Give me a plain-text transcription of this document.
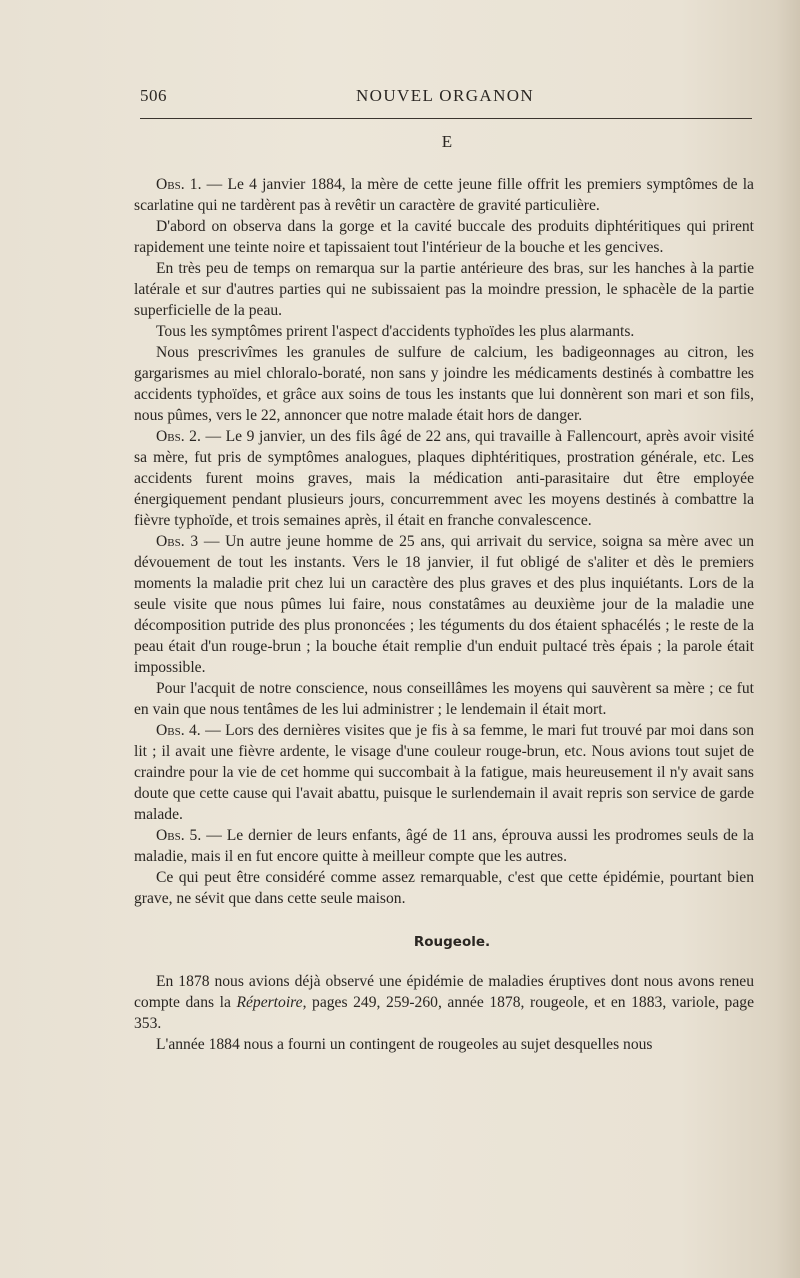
506	NOUVEL ORGANON
E

Obs. 1. — Le 4 janvier 1884, la mère de cette jeune fille offrit les premiers symptômes de la scarlatine qui ne tardèrent pas à revêtir un caractère de gravité particulière.

D'abord on observa dans la gorge et la cavité buccale des produits diphtéritiques qui prirent rapidement une teinte noire et tapissaient tout l'intérieur de la bouche et les gencives.

En très peu de temps on remarqua sur la partie antérieure des bras, sur les hanches à la partie latérale et sur d'autres parties qui ne subissaient pas la moindre pression, le sphacèle de la partie superficielle de la peau.

Tous les symptômes prirent l'aspect d'accidents typhoïdes les plus alarmants.

Nous prescrivîmes les granules de sulfure de calcium, les badigeonnages au citron, les gargarismes au miel chloralo-boraté, non sans y joindre les médicaments destinés à combattre les accidents typhoïdes, et grâce aux soins de tous les instants que lui donnèrent son mari et son fils, nous pûmes, vers le 22, annoncer que notre malade était hors de danger.

Obs. 2. — Le 9 janvier, un des fils âgé de 22 ans, qui travaille à Fallencourt, après avoir visité sa mère, fut pris de symptômes analogues, plaques diphtéritiques, prostration générale, etc. Les accidents furent moins graves, mais la médication anti-parasitaire dut être employée énergiquement pendant plusieurs jours, concurremment avec les moyens destinés à combattre la fièvre typhoïde, et trois semaines après, il était en franche convalescence.

Obs. 3 — Un autre jeune homme de 25 ans, qui arrivait du service, soigna sa mère avec un dévouement de tout les instants. Vers le 18 janvier, il fut obligé de s'aliter et dès le premiers moments la maladie prit chez lui un caractère des plus graves et des plus inquiétants. Lors de la seule visite que nous pûmes lui faire, nous constatâmes au deuxième jour de la maladie une décomposition putride des plus prononcées ; les téguments du dos étaient sphacélés ; le reste de la peau était d'un rouge-brun ; la bouche était remplie d'un enduit pultacé très épais ; la parole était impossible.

Pour l'acquit de notre conscience, nous conseillâmes les moyens qui sauvèrent sa mère ; ce fut en vain que nous tentâmes de les lui administrer ; le lendemain il était mort.

Obs. 4. — Lors des dernières visites que je fis à sa femme, le mari fut trouvé par moi dans son lit ; il avait une fièvre ardente, le visage d'une couleur rouge-brun, etc. Nous avions tout sujet de craindre pour la vie de cet homme qui succombait à la fatigue, mais heureusement il n'y avait sans doute que cette cause qui l'avait abattu, puisque le surlendemain il avait repris son service de garde malade.

Obs. 5. — Le dernier de leurs enfants, âgé de 11 ans, éprouva aussi les prodromes seuls de la maladie, mais il en fut encore quitte à meilleur compte que les autres.

Ce qui peut être considéré comme assez remarquable, c'est que cette épidémie, pourtant bien grave, ne sévit que dans cette seule maison.

Rougeole.

En 1878 nous avions déjà observé une épidémie de maladies éruptives dont nous avons reneu compte dans la Répertoire, pages 249, 259-260, année 1878, rougeole, et en 1883, variole, page 353.

L'année 1884 nous a fourni un contingent de rougeoles au sujet desquelles nous
